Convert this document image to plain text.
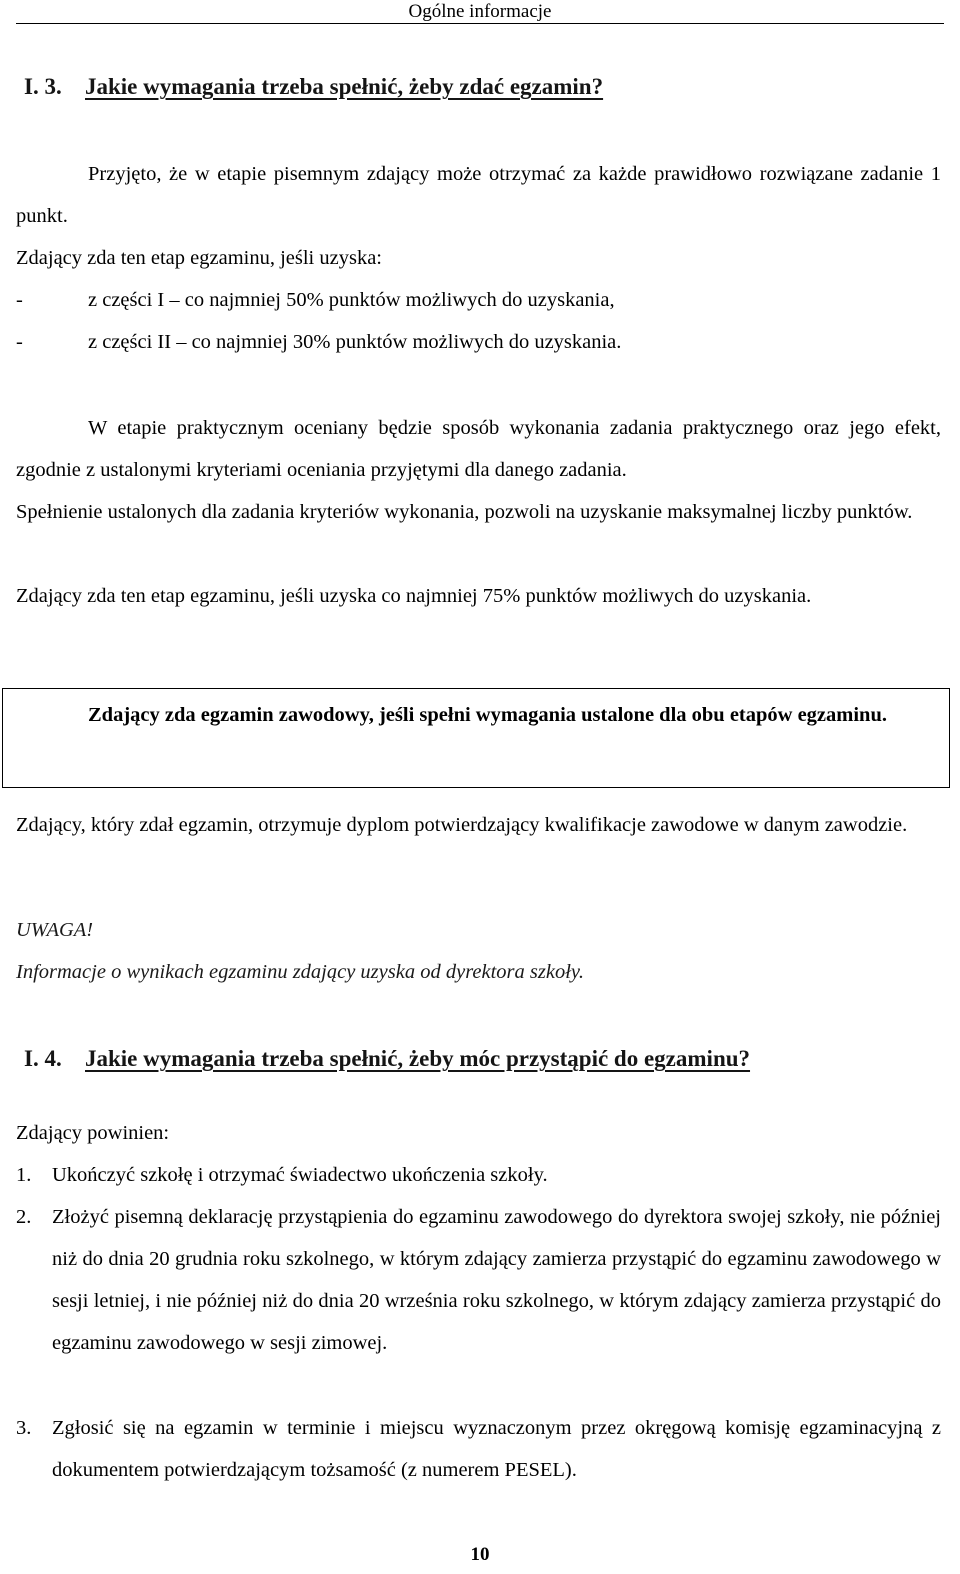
Ogólne informacje
I. 3. Jakie wymagania trzeba spełnić, żeby zdać egzamin?
Przyjęto, że w etapie pisemnym zdający może otrzymać za każde prawidłowo rozwiązane zadanie 1 punkt.
Zdający zda ten etap egzaminu, jeśli uzyska:
-	z części I – co najmniej 50% punktów możliwych do uzyskania,
-	z części II – co najmniej 30% punktów możliwych do uzyskania.
W etapie praktycznym oceniany będzie sposób wykonania zadania praktycznego oraz jego efekt, zgodnie z ustalonymi kryteriami oceniania przyjętymi dla danego zadania.
Spełnienie ustalonych dla zadania kryteriów wykonania, pozwoli na uzyskanie maksymalnej liczby punktów.
Zdający zda ten etap egzaminu, jeśli uzyska co najmniej 75% punktów możliwych do uzyskania.
Zdający zda egzamin zawodowy, jeśli spełni wymagania ustalone dla obu etapów egzaminu.
Zdający, który zdał egzamin, otrzymuje dyplom potwierdzający kwalifikacje zawodowe w danym zawodzie.
UWAGA!
Informacje o wynikach egzaminu zdający uzyska od dyrektora szkoły.
I. 4. Jakie wymagania trzeba spełnić, żeby móc przystąpić do egzaminu?
Zdający powinien:
1. Ukończyć szkołę i otrzymać świadectwo ukończenia szkoły.
2. Złożyć pisemną deklarację przystąpienia do egzaminu zawodowego do dyrektora swojej szkoły, nie później niż do dnia 20 grudnia roku szkolnego, w którym zdający zamierza przystąpić do egzaminu zawodowego w sesji letniej, i nie później niż do dnia 20 września roku szkolnego, w którym zdający zamierza przystąpić do egzaminu zawodowego w sesji zimowej.
3. Zgłosić się na egzamin w terminie i miejscu wyznaczonym przez okręgową komisję egzaminacyjną z dokumentem potwierdzającym tożsamość (z numerem PESEL).
10
